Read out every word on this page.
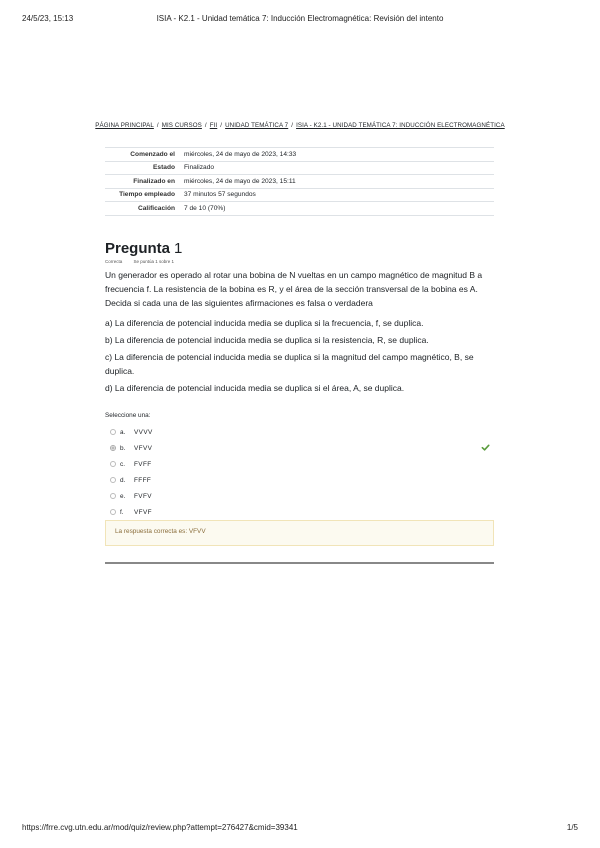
24/5/23, 15:13	ISIA - K2.1 - Unidad temática 7: Inducción Electromagnética: Revisión del intento
PÁGINA PRINCIPAL / MIS CURSOS / FII / UNIDAD TEMÁTICA 7 / ISIA - K2.1 - UNIDAD TEMÁTICA 7: INDUCCIÓN ELECTROMAGNÉTICA
Comenzado el	miércoles, 24 de mayo de 2023, 14:33
Estado	Finalizado
Finalizado en	miércoles, 24 de mayo de 2023, 15:11
Tiempo empleado	37 minutos 57 segundos
Calificación	7 de 10 (70%)
Pregunta 1
Correcta	Se puntúa 1 sobre 1

Un generador es operado al rotar una bobina de N vueltas en un campo magnético de magnitud B a frecuencia f. La resistencia de la bobina es R, y el área de la sección transversal de la bobina es A. Decida si cada una de las siguientes afirmaciones es falsa o verdadera

a) La diferencia de potencial inducida media se duplica si la frecuencia, f, se duplica.

b) La diferencia de potencial inducida media se duplica si la resistencia, R, se duplica.

c) La diferencia de potencial inducida media se duplica si la magnitud del campo magnético, B, se duplica.

d) La diferencia de potencial inducida media se duplica si el área, A, se duplica.

Seleccione una:
a.	VVVV
b.	VFVV
c.	FVFF
d.	FFFF
e.	FVFV
f.	VFVF
La respuesta correcta es: VFVV
https://frre.cvg.utn.edu.ar/mod/quiz/review.php?attempt=276427&cmid=39341	1/5
